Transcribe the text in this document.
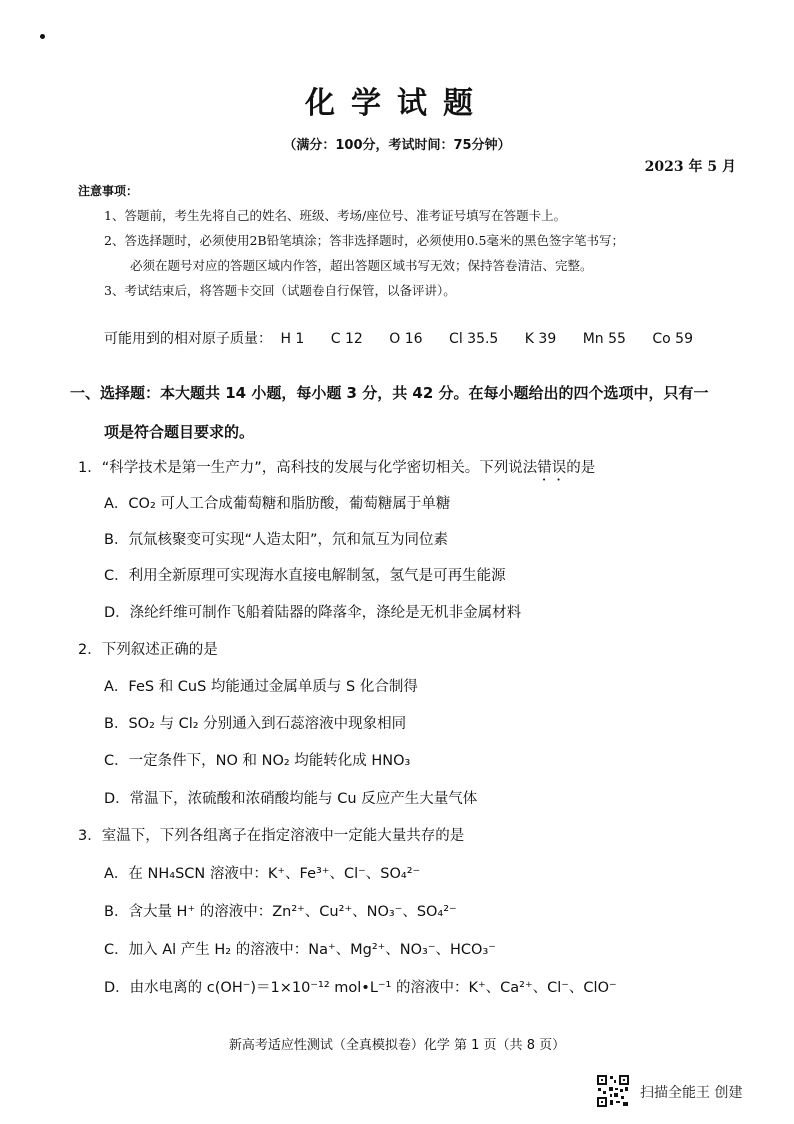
化学试题
（满分：100分，考试时间：75分钟）
2023 年 5 月
注意事项：
1、答题前，考生先将自己的姓名、班级、考场/座位号、准考证号填写在答题卡上。
2、答选择题时，必须使用2B铅笔填涂；答非选择题时，必须使用0.5毫米的黑色签字笔书写；
必须在题号对应的答题区域内作答，超出答题区域书写无效；保持答卷清洁、完整。
3、考试结束后，将答题卡交回（试题卷自行保管，以备评讲）。
可能用到的相对原子质量： H 1 C 12 O 16 Cl 35.5 K 39 Mn 55 Co 59
一、选择题：本大题共 14 小题，每小题 3 分，共 42 分。在每小题给出的四个选项中，只有一
项是符合题目要求的。
1．“科学技术是第一生产力”，高科技的发展与化学密切相关。下列说法错误的是
A．CO₂ 可人工合成葡萄糖和脂肪酸，葡萄糖属于单糖
B．氘氚核聚变可实现“人造太阳”，氘和氚互为同位素
C．利用全新原理可实现海水直接电解制氢，氢气是可再生能源
D．涤纶纤维可制作飞船着陆器的降落伞，涤纶是无机非金属材料
2．下列叙述正确的是
A．FeS 和 CuS 均能通过金属单质与 S 化合制得
B．SO₂ 与 Cl₂ 分别通入到石蕊溶液中现象相同
C．一定条件下，NO 和 NO₂ 均能转化成 HNO₃
D．常温下，浓硫酸和浓硝酸均能与 Cu 反应产生大量气体
3．室温下，下列各组离子在指定溶液中一定能大量共存的是
A．在 NH₄SCN 溶液中：K⁺、Fe³⁺、Cl⁻、SO₄²⁻
B．含大量 H⁺ 的溶液中：Zn²⁺、Cu²⁺、NO₃⁻、SO₄²⁻
C．加入 Al 产生 H₂ 的溶液中：Na⁺、Mg²⁺、NO₃⁻、HCO₃⁻
D．由水电离的 c(OH⁻)＝1×10⁻¹² mol•L⁻¹ 的溶液中：K⁺、Ca²⁺、Cl⁻、ClO⁻
新高考适应性测试（全真模拟卷）化学 第 1 页（共 8 页）
扫描全能王 创建
